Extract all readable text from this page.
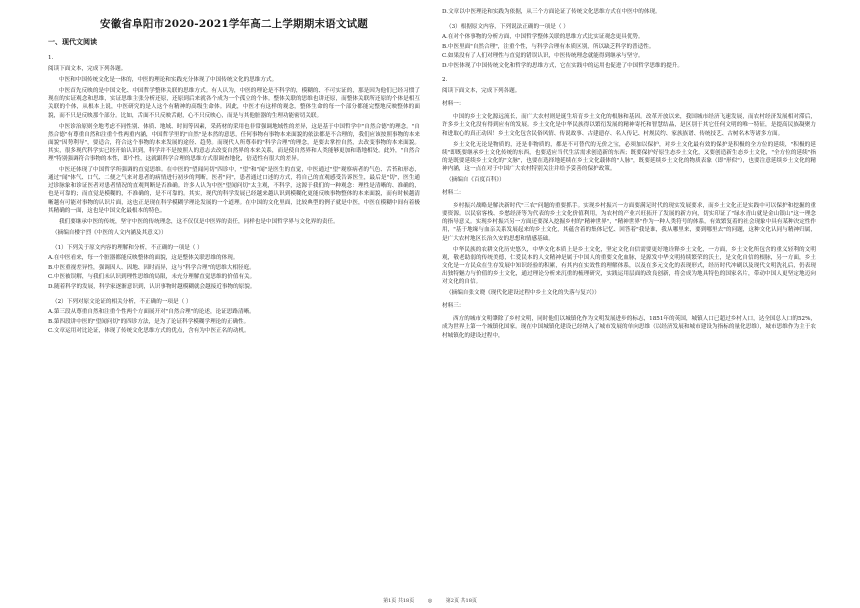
安徽省阜阳市2020-2021学年高二上学期期末语文试题
一、现代文阅读

1.

阅读下面文本，完成下列各题。

中医和中国传统文化是一体的，中医的理论和实践充分体现了中国传统文化的思维方式。

中医首先反映的是中国文化、中国哲学整体关联的思维方式。有人认为，中医的理论是不科学的，模糊的、不可实证的，那是因为他们已经习惯了现在的实证观念和思维，实证思维主张分析还原，还原到后来就各个成为一个孤立的个体。整体关联的思维也讲还原，而整体关联所还原的个体是相互关联的个体，从根本上说，中医研究的是人这个有精神的高级生命体。因此，中医才有这样的观念，整体生命的每一个部分都能完整地反映整体的面貌，而不只是反映那个部分。比如，舌面不只反映舌耐，心不只反映心，而是与其他脏器的生理功能密切关联。

中医诊治原则全地考虑不同性别、体质、地域、时间等因素，采药材的采用也非常强调地域性的差异，这是基于中国哲学中"自然合德"的理念。"自然合德"有尊重自然和注重个性两重内涵，中国哲学里的"自然"是本然的意思，任何事物有事物本来面貌的依法都是不合理的，我们应该按照事物的本来面貌"因势利导"，要适合，符合这个事物的本来发展的途径、趋势。而现代人所尊奉的"科学合理"的理念，是要去掌控自然，去改变事物的本来面貌。其实，很多现代科学实已经开始认识到，科学并不是按照人的意志去改变自然界的本来关系，而是使自然界和人类能够更加和谐地相处。此外，"自然合理"特别强调符合事物的本性，即个性，这就跟科学合理的思维方式很调查地化，倍适性有很大的差异。

中医还体现了中国哲学所强调的直觉思维。在中医的"望闻问切"四诊中，"望"和"闻"是医生的直觉，中医通过"望"观察病者的气色、舌苔和形态，通过"闻"体气、口气、二便之气来对患者的病情进行初步的判断，医者"问"，患者通过口述的方式，将自己的直观感受告诉医生，最后是"切"，医生通过诊脉象和诊证医者对患者情况的直观判断是否准确。许多人认为中医"望闻问切"太主观，不科学，这源于我们的一种观念：理性是清晰的、准确的，也是可靠的；而直觉是模糊的，不准确的，是不可靠的。其实，现代的科学发展已经越来越认识到模糊化更能反映事物整体的本来面貌，而有时候越清晰越有可能对事物的认识片面，这也正是现在科学模糊学理论发展的一个道理。在中国的文化里面，比较典型的例子就是中医，中医在模糊中间有着极其精确的一面，这也是中国文化最根本的特色。

我们要继承中医的传统，坚守中医的传统理念，这不仅仅是中医界的责任，同样也是中国哲学界与文化界的责任。

（摘编自楼宇烈《中医的人文内涵及其意义》）

（1）下列关于原文内容的理解和分析，不正确的一项是（ ）

A.在中医看来，每一个脏器都能反映整体的面貌，这是整体关联思维的体现。

B.中医重视差异性，强调因人、因地、因时而异，这与"科学合理"的思维大相径庭。

C.中医被误解，与我们未认识到理性思维的局限，未充分理解直觉思维的价值有关。

D.随着科学的发展，科学家逐渐意识到，认识事物时越模糊就会越接近事物的原貌。

（2）下列对原文论证的相关分析，不正确的一项是（ ）

A.第三段从尊重自然和注重个性两个方面展开对"自然合理"的论述，论证思路清晰。

B.第四段讲中医的"望闻问切"的四诊方法，是为了论证科学模糊学理论的正确性。

C.文章运用对比论证，体现了传统文化思维方式的优点，含有为中医正名的动机。

D.文章以中医理论和实践为依据，从三个方面论证了传统文化思维方式在中医中的体现。

（3）根据原文内容，下列说法正确的一项是（ ）

A.在对个体事物的分析方面，中国哲学整体关联的思维方式比实证观念更具优势。

B.中医里面"自然合理"，注重个性，与科学合理有本质区别，所以缺乏科学的普适性。

C.如果没有了人们对理性与直觉的错误认识，中医传统理念就能得到继承与坚守。

D.中医体现了中国传统文化和哲学的思维方式，它在实践中的运用也促进了中国哲学思维的提升。

2.

阅读下面文本，完成下列各题。

材料一：

中国的乡土文化源远流长，而广大农村则是诞生培育乡土文化的根脉和基因。改革开放以来，我国城市经济飞速发展，而农村经济发展相对滞后，许多乡土文化没有得到应有的发展。乡土文化是中华民族得以繁衍发展的精神寄托和智慧结晶，是区别于其它任何文明的唯一特征，是提高民族凝聚力和进取心的真正动因！乡土文化包含民俗风情、传说故事、古建遗存、名人传记、村规民约、家族族谱、传统技艺、古树名木等诸多方面。

乡土文化无论是物质的，还是非物质的，都是不可替代的无价之宝，必须加以保护，对乡土文化最有效的保护是积极的全方位的延续，"积极的延续"即既要继承乡土文化传统的东西，也要适应当代生活需求创造新的东西；既要保护好原生态乡土文化，又要创造新生态乡土文化，"全方位的延续"指的是既要延续乡土文化的"文脉"，也要在选择地延续在乡土文化载体的"人脉"，既要延续乡土文化的物质表象（即"形似"），也要注意延续乡土文化的精神内涵，这一点在对于中国广大农村特别关注并给予妥善的保护政策。

（摘编自《百度百科》）

材料二：

乡村振兴战略是解决新时代"三农"问题的重要抓手。实现乡村振兴一方面要满足时代的现实发展要求，而乡土文化正是实践中可以保护和挖掘的重要资源。以民宿客栈、乡愁经济等为代表的乡土文化价值利用，为农村的产业兴旺拓开了发展的新方向，切实印证了"绿水青山就是金山银山"这一理念的指导意义。实现乡村振兴另一方面还要深入挖掘乡村的"精神世界"，"精神世界"作为一种人类符号的体系，有效繁复着的社会现象中具有某种决定性作用，"基于地缘与血亲关系发展起来的乡土文化，其蕴含着的集体记忆、回答着"我是谁，我从哪里来，要到哪里去"的问题，这种文化认同与精神归属，是广大农村地区长治久安的思想和情感基础。

中华民族的农耕文化历史悠久，中华文化本质上是乡土文化，坚定文化自信需要更好地诠释乡土文化，一方面，乡土文化所包含的重义轻利的文明观，敬老助弱的传统美德，仁爱民本的人文精神是属于中国人的重要文化血脉，是源发中华文明持续繁荣的沃土，是文化自信的根脉，另一方面，乡土文化是一方民众在生存发展中知识经验的积累，有其内在实效性的理解体系，以及在多元文化的表现形式，经历时代冲刷以及现代文明洗礼后，仍表现出独特魅力与价值的乡土文化，通过理论分析来沉重的梳理研究，实践运用层面的改良创新，将会成为地具特色的国家名片，带动中国人更坚定地迈向对文化的自信。

（摘编自张文晓《现代化建设过程中乡土文化的失落与复兴》）

材料三：

西方的城市文明肇除了乡村文明，同时他们以城镇化作为文明发展进步的标志，1851年的英国，城镇人口已超过乡村人口，达全国总人口的52%，成为世界上第一个城镇化国家。现在中国城镇化建设已经纳入了城市发展的单向思维（以经济发展和城市建设为指标的量化思维），城市思维作为主于农村城镇化的建设过程中，

第1页 共18页	◎	第2页 共18页
